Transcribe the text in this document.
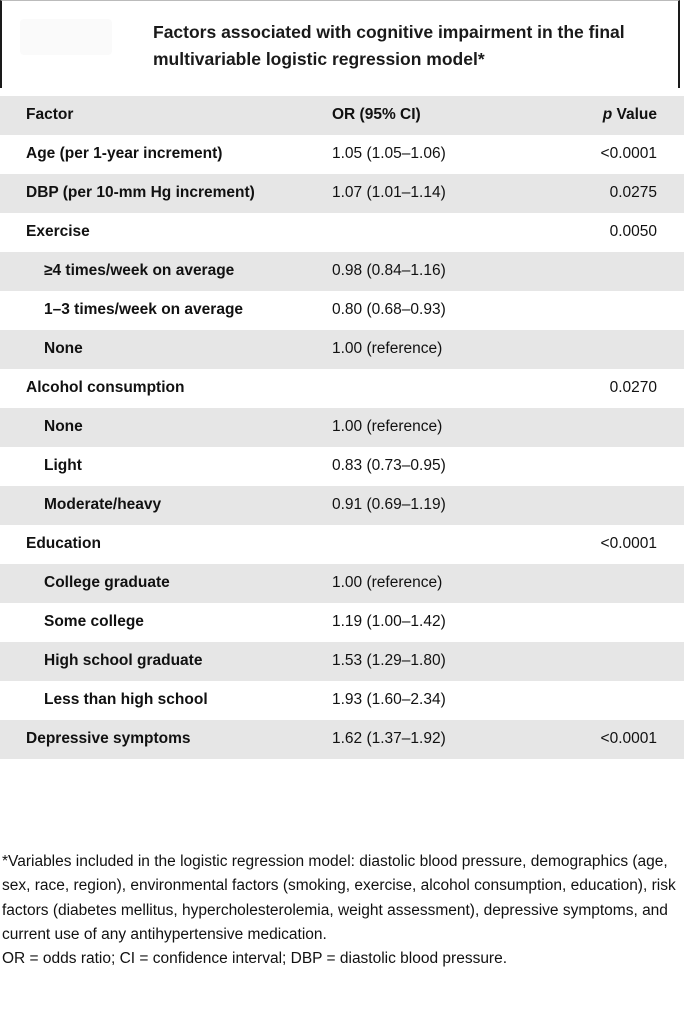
Factors associated with cognitive impairment in the final multivariable logistic regression model*
Factor	OR (95% CI)	p Value
Age (per 1-year increment)	1.05 (1.05–1.06)	<0.0001
DBP (per 10-mm Hg increment)	1.07 (1.01–1.14)	0.0275
Exercise		0.0050
≥4 times/week on average	0.98 (0.84–1.16)	
1–3 times/week on average	0.80 (0.68–0.93)	
None	1.00 (reference)	
Alcohol consumption		0.0270
None	1.00 (reference)	
Light	0.83 (0.73–0.95)	
Moderate/heavy	0.91 (0.69–1.19)	
Education		<0.0001
College graduate	1.00 (reference)	
Some college	1.19 (1.00–1.42)	
High school graduate	1.53 (1.29–1.80)	
Less than high school	1.93 (1.60–2.34)	
Depressive symptoms	1.62 (1.37–1.92)	<0.0001

*Variables included in the logistic regression model: diastolic blood pressure, demographics (age, sex, race, region), environmental factors (smoking, exercise, alcohol consumption, education), risk factors (diabetes mellitus, hypercholesterolemia, weight assessment), depressive symptoms, and current use of any antihypertensive medication.

OR = odds ratio; CI = confidence interval; DBP = diastolic blood pressure.
